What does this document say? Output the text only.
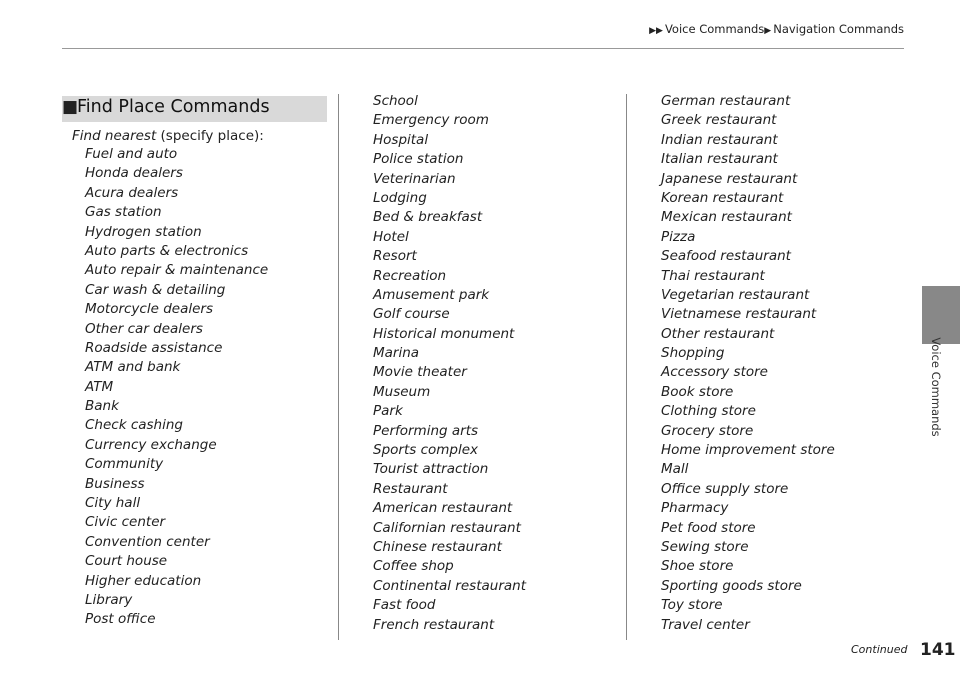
▶▶ Voice Commands▶ Navigation Commands
Voice Commands
■
Find Place Commands
Find nearest (specify place):
Fuel and auto
Honda dealers
Acura dealers
Gas station
Hydrogen station
Auto parts & electronics
Auto repair & maintenance
Car wash & detailing
Motorcycle dealers
Other car dealers
Roadside assistance
ATM and bank
ATM
Bank
Check cashing
Currency exchange
Community
Business
City hall
Civic center
Convention center
Court house
Higher education
Library
Post office
School
Emergency room
Hospital
Police station
Veterinarian
Lodging
Bed & breakfast
Hotel
Resort
Recreation
Amusement park
Golf course
Historical monument
Marina
Movie theater
Museum
Park
Performing arts
Sports complex
Tourist attraction
Restaurant
American restaurant
Californian restaurant
Chinese restaurant
Coffee shop
Continental restaurant
Fast food
French restaurant
German restaurant
Greek restaurant
Indian restaurant
Italian restaurant
Japanese restaurant
Korean restaurant
Mexican restaurant
Pizza
Seafood restaurant
Thai restaurant
Vegetarian restaurant
Vietnamese restaurant
Other restaurant
Shopping
Accessory store
Book store
Clothing store
Grocery store
Home improvement store
Mall
Office supply store
Pharmacy
Pet food store
Sewing store
Shoe store
Sporting goods store
Toy store
Travel center
Continued 141
